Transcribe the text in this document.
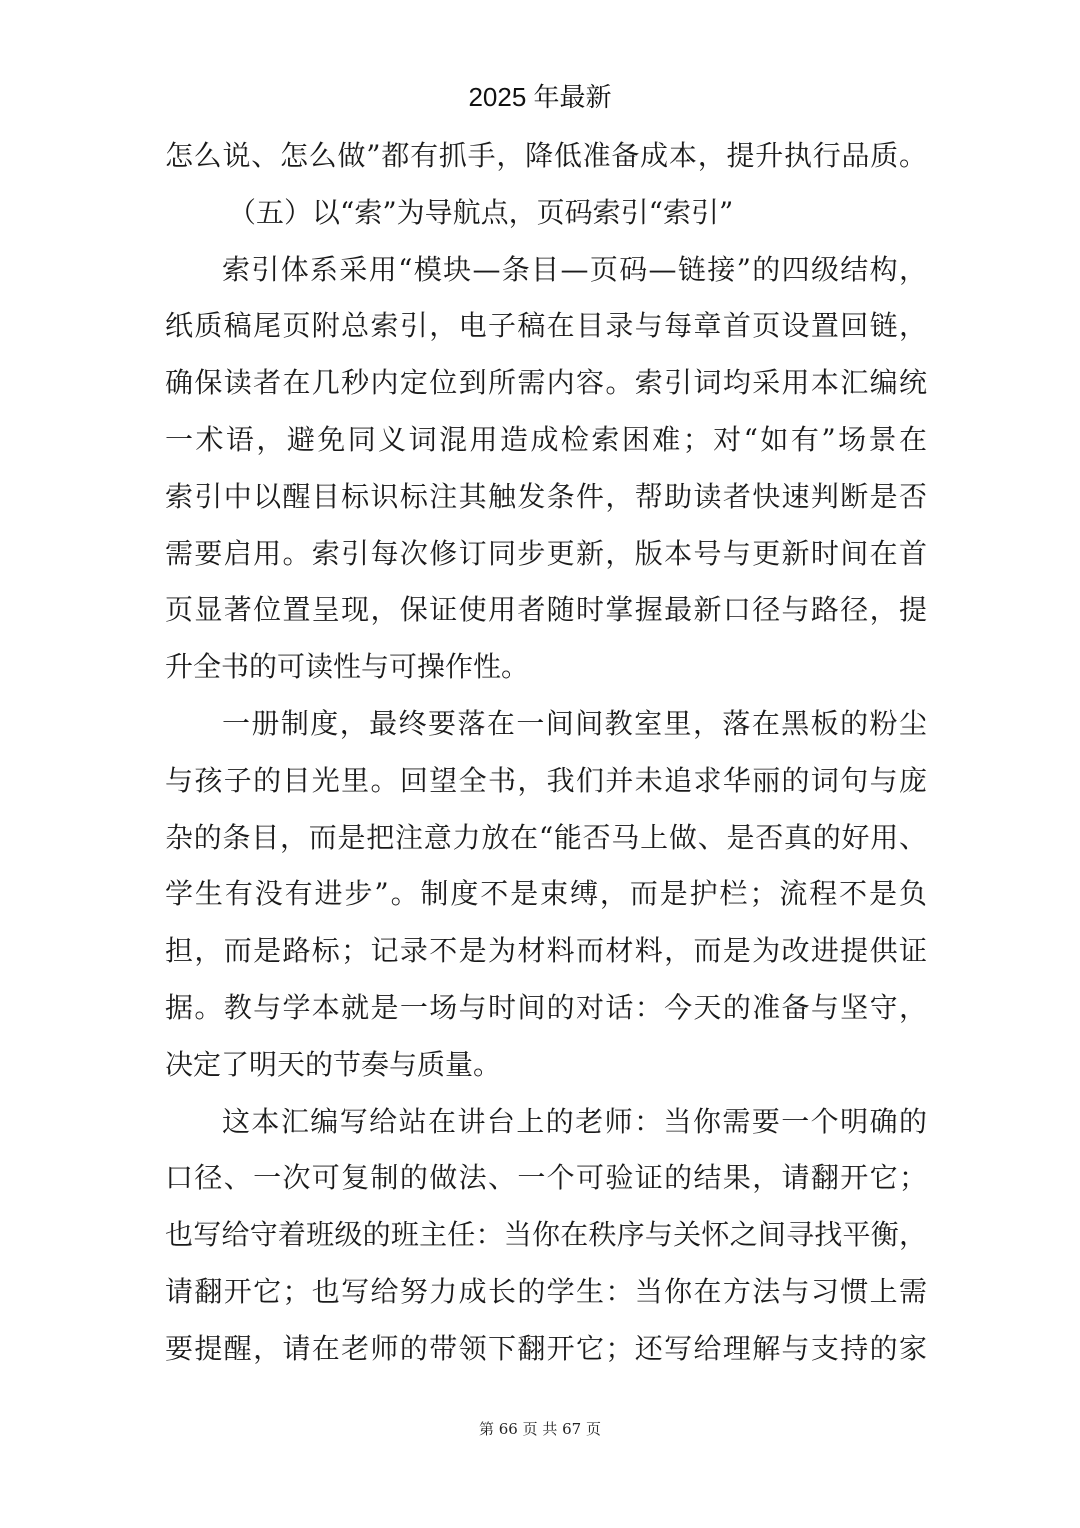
2025 年最新
怎么说、怎么做”都有抓手，降低准备成本，提升执行品质。
（五）以“索”为导航点，页码索引“索引”
索引体系采用“模块—条目—页码—链接”的四级结构，
纸质稿尾页附总索引，电子稿在目录与每章首页设置回链，
确保读者在几秒内定位到所需内容。索引词均采用本汇编统
一术语，避免同义词混用造成检索困难；对“如有”场景在
索引中以醒目标识标注其触发条件，帮助读者快速判断是否
需要启用。索引每次修订同步更新，版本号与更新时间在首
页显著位置呈现，保证使用者随时掌握最新口径与路径，提
升全书的可读性与可操作性。
一册制度，最终要落在一间间教室里，落在黑板的粉尘
与孩子的目光里。回望全书，我们并未追求华丽的词句与庞
杂的条目，而是把注意力放在“能否马上做、是否真的好用、
学生有没有进步”。制度不是束缚，而是护栏；流程不是负
担，而是路标；记录不是为材料而材料，而是为改进提供证
据。教与学本就是一场与时间的对话：今天的准备与坚守，
决定了明天的节奏与质量。
这本汇编写给站在讲台上的老师：当你需要一个明确的
口径、一次可复制的做法、一个可验证的结果，请翻开它；
也写给守着班级的班主任：当你在秩序与关怀之间寻找平衡，
请翻开它；也写给努力成长的学生：当你在方法与习惯上需
要提醒，请在老师的带领下翻开它；还写给理解与支持的家
第 66 页 共 67 页
